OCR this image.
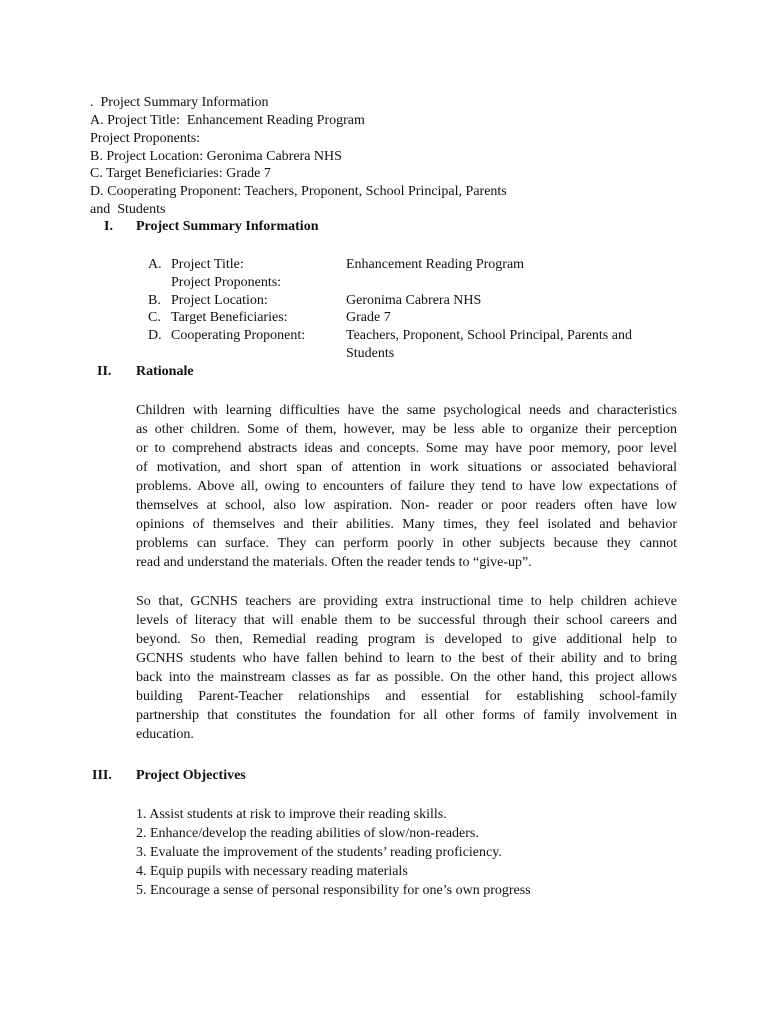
.  Project Summary Information
A. Project Title:  Enhancement Reading Program
Project Proponents:
B. Project Location: Geronima Cabrera NHS
C. Target Beneficiaries: Grade 7
D. Cooperating Proponent: Teachers, Proponent, School Principal, Parents
and  Students
I. Project Summary Information
A. Project Title:	Enhancement Reading Program
Project Proponents:
B. Project Location:	Geronima Cabrera NHS
C. Target Beneficiaries:	Grade 7
D. Cooperating Proponent:	Teachers, Proponent, School Principal, Parents and
Students
II. Rationale
Children with learning difficulties have the same psychological needs and characteristics
as other children. Some of them, however, may be less able to organize their perception
or to comprehend abstracts ideas and concepts. Some may have poor memory, poor level
of motivation, and short span of attention in work situations or associated behavioral
problems. Above all, owing to encounters of failure they tend to have low expectations of
themselves at school, also low aspiration. Non- reader or poor readers often have low
opinions of themselves and their abilities. Many times, they feel isolated and behavior
problems can surface. They can perform poorly in other subjects because they cannot
read and understand the materials. Often the reader tends to “give-up”.
So that, GCNHS teachers are providing extra instructional time to help children achieve
levels of literacy that will enable them to be successful through their school careers and
beyond. So then, Remedial reading program is developed to give additional help to
GCNHS students who have fallen behind to learn to the best of their ability and to bring
back into the mainstream classes as far as possible. On the other hand, this project allows
building Parent-Teacher relationships and essential for establishing school-family
partnership that constitutes the foundation for all other forms of family involvement in
education.
III. Project Objectives
1. Assist students at risk to improve their reading skills.
2. Enhance/develop the reading abilities of slow/non-readers.
3. Evaluate the improvement of the students’ reading proficiency.
4. Equip pupils with necessary reading materials
5. Encourage a sense of personal responsibility for one’s own progress
